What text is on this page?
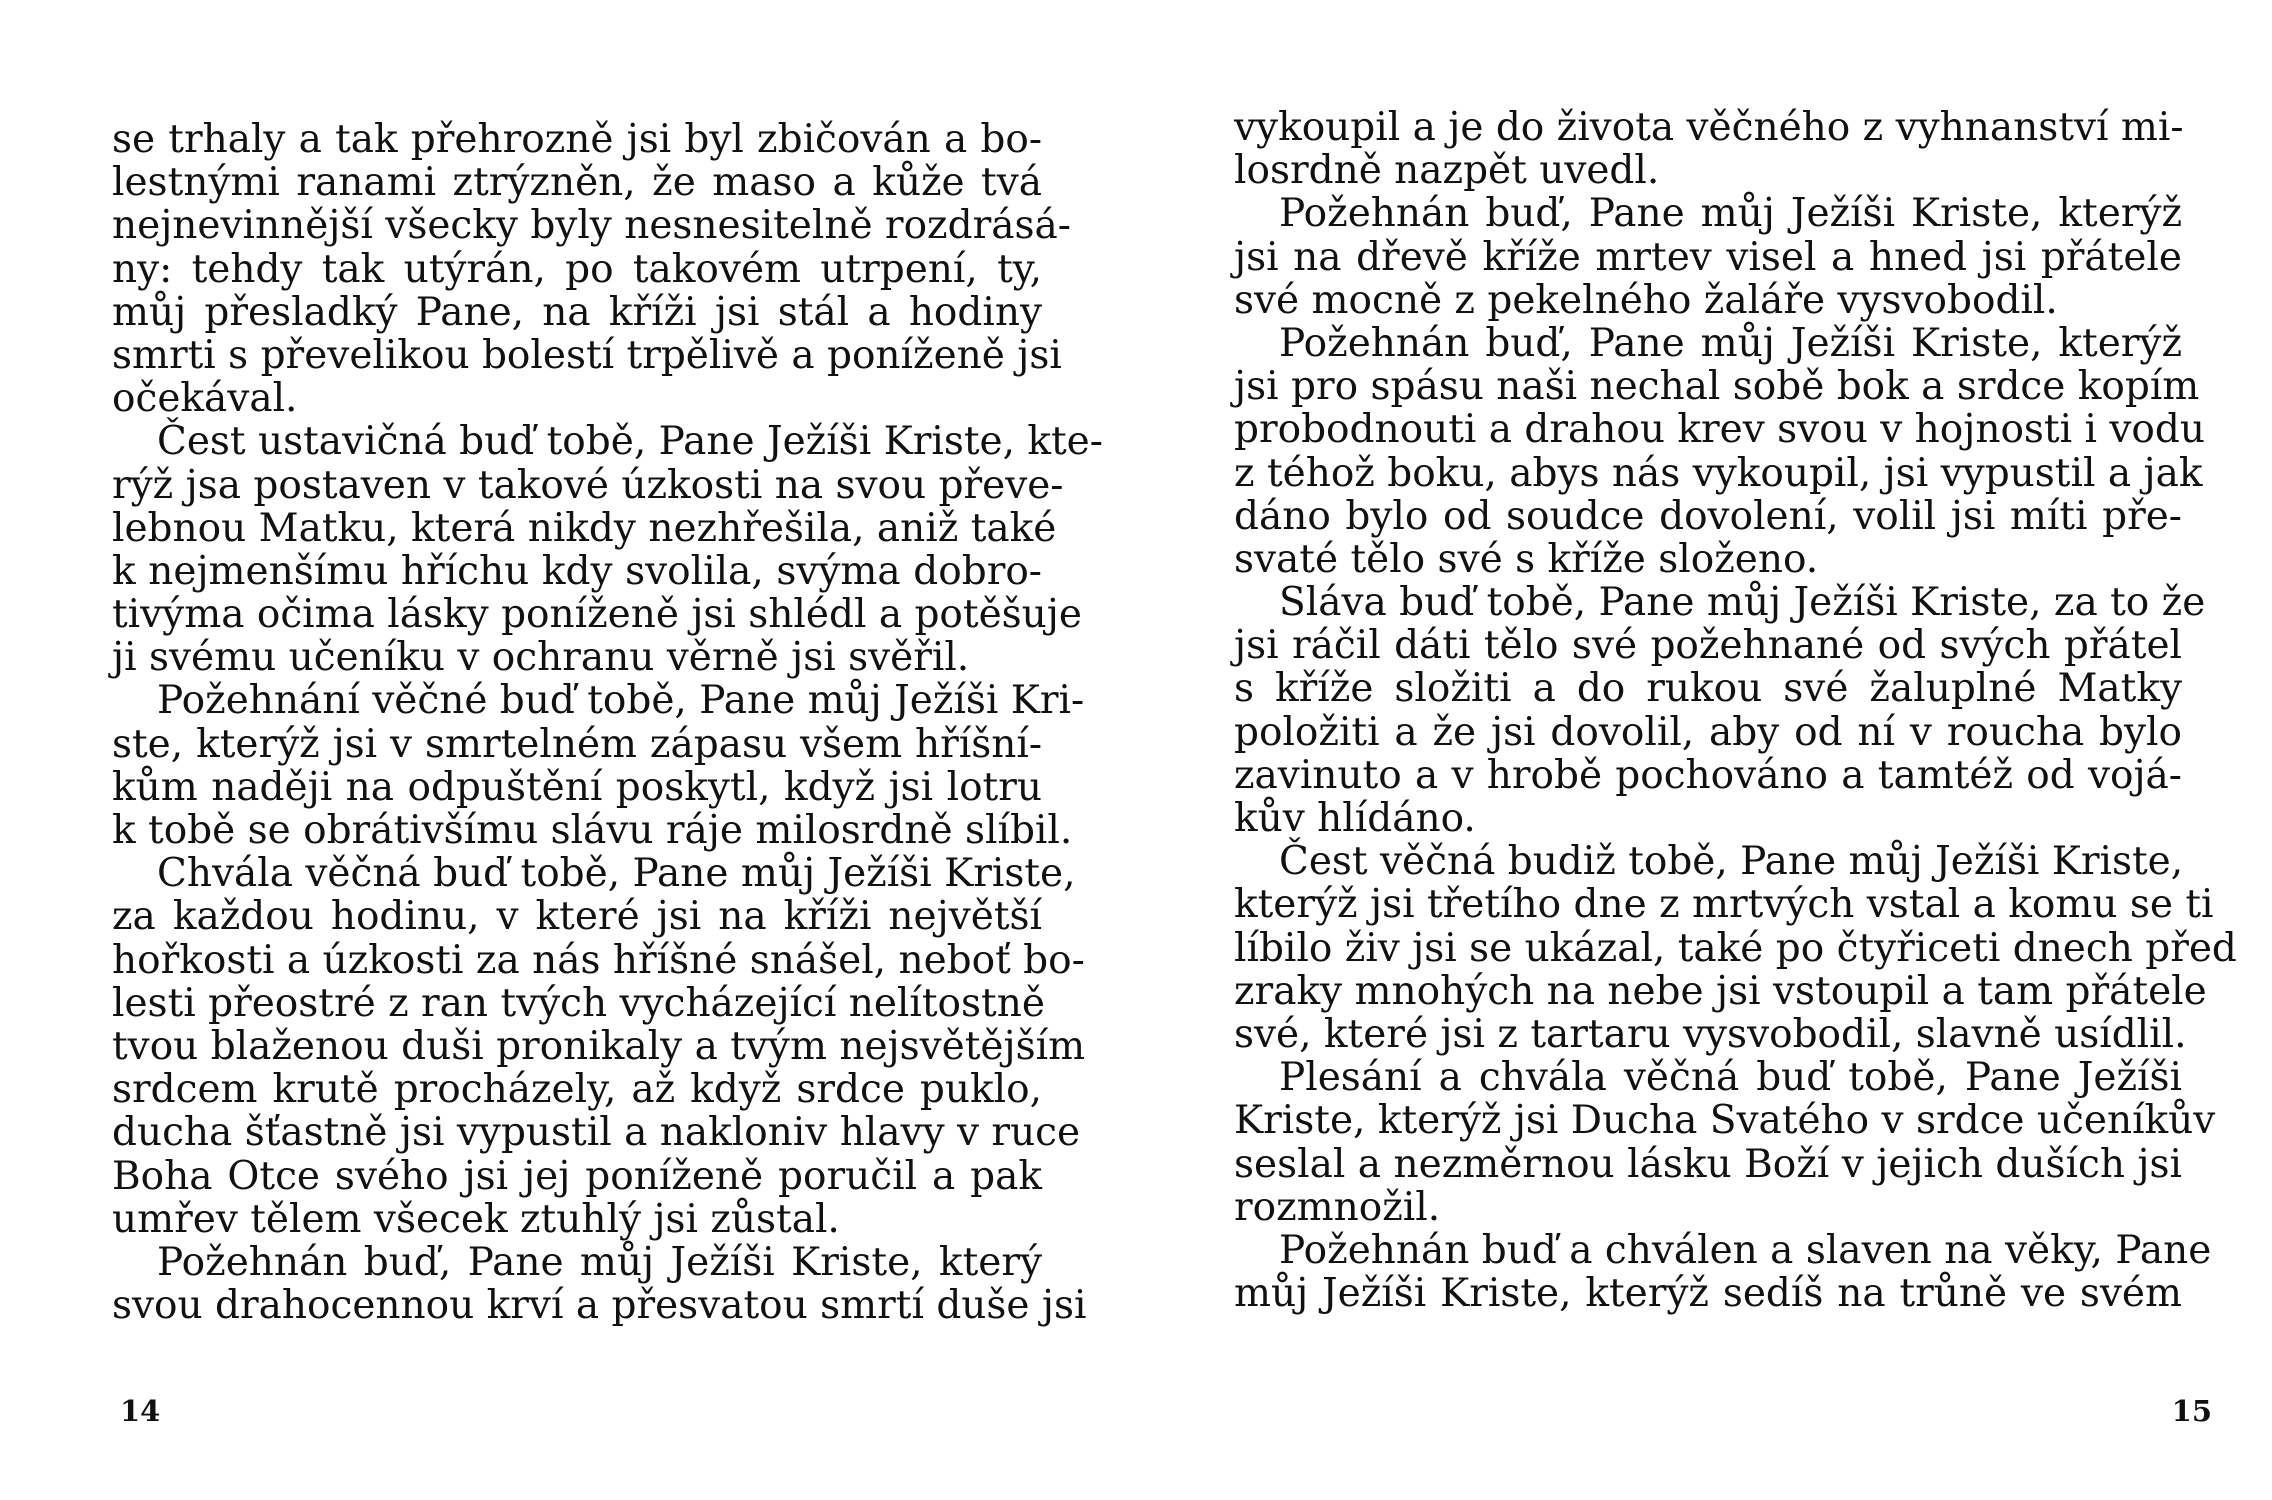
se trhaly a tak přehrozně jsi byl zbičován a bo-
lestnými ranami ztrýzněn, že maso a kůže tvá
nejnevinnější všecky byly nesnesitelně rozdrásá-
ny: tehdy tak utýrán, po takovém utrpení, ty,
můj přesladký Pane, na kříži jsi stál a hodiny
smrti s převelikou bolestí trpělivě a poníženě jsi
očekával.
Čest ustavičná buď tobě, Pane Ježíši Kriste, kte-
rýž jsa postaven v takové úzkosti na svou převe-
lebnou Matku, která nikdy nezhřešila, aniž také
k nejmenšímu hříchu kdy svolila, svýma dobro-
tivýma očima lásky poníženě jsi shlédl a potěšuje
ji svému učeníku v ochranu věrně jsi svěřil.
Požehnání věčné buď tobě, Pane můj Ježíši Kri-
ste, kterýž jsi v smrtelném zápasu všem hříšní-
kům naději na odpuštění poskytl, když jsi lotru
k tobě se obrátivšímu slávu ráje milosrdně slíbil.
Chvála věčná buď tobě, Pane můj Ježíši Kriste,
za každou hodinu, v které jsi na kříži největší
hořkosti a úzkosti za nás hříšné snášel, neboť bo-
lesti přeostré z ran tvých vycházející nelítostně
tvou blaženou duši pronikaly a tvým nejsvětějším
srdcem krutě procházely, až když srdce puklo,
ducha šťastně jsi vypustil a nakloniv hlavy v ruce
Boha Otce svého jsi jej poníženě poručil a pak
umřev tělem všecek ztuhlý jsi zůstal.
Požehnán buď, Pane můj Ježíši Kriste, který
svou drahocennou krví a přesvatou smrtí duše jsi
14
vykoupil a je do života věčného z vyhnanství mi-
losrdně nazpět uvedl.
Požehnán buď, Pane můj Ježíši Kriste, kterýž
jsi na dřevě kříže mrtev visel a hned jsi přátele
své mocně z pekelného žaláře vysvobodil.
Požehnán buď, Pane můj Ježíši Kriste, kterýž
jsi pro spásu naši nechal sobě bok a srdce kopím
probodnouti a drahou krev svou v hojnosti i vodu
z téhož boku, abys nás vykoupil, jsi vypustil a jak
dáno bylo od soudce dovolení, volil jsi míti pře-
svaté tělo své s kříže složeno.
Sláva buď tobě, Pane můj Ježíši Kriste, za to že
jsi ráčil dáti tělo své požehnané od svých přátel
s kříže složiti a do rukou své žaluplné Matky
položiti a že jsi dovolil, aby od ní v roucha bylo
zavinuto a v hrobě pochováno a tamtéž od vojá-
kův hlídáno.
Čest věčná budiž tobě, Pane můj Ježíši Kriste,
kterýž jsi třetího dne z mrtvých vstal a komu se ti
líbilo živ jsi se ukázal, také po čtyřiceti dnech před
zraky mnohých na nebe jsi vstoupil a tam přátele
své, které jsi z tartaru vysvobodil, slavně usídlil.
Plesání a chvála věčná buď tobě, Pane Ježíši
Kriste, kterýž jsi Ducha Svatého v srdce učeníkův
seslal a nezměrnou lásku Boží v jejich duších jsi
rozmnožil.
Požehnán buď a chválen a slaven na věky, Pane
můj Ježíši Kriste, kterýž sedíš na trůně ve svém
15
